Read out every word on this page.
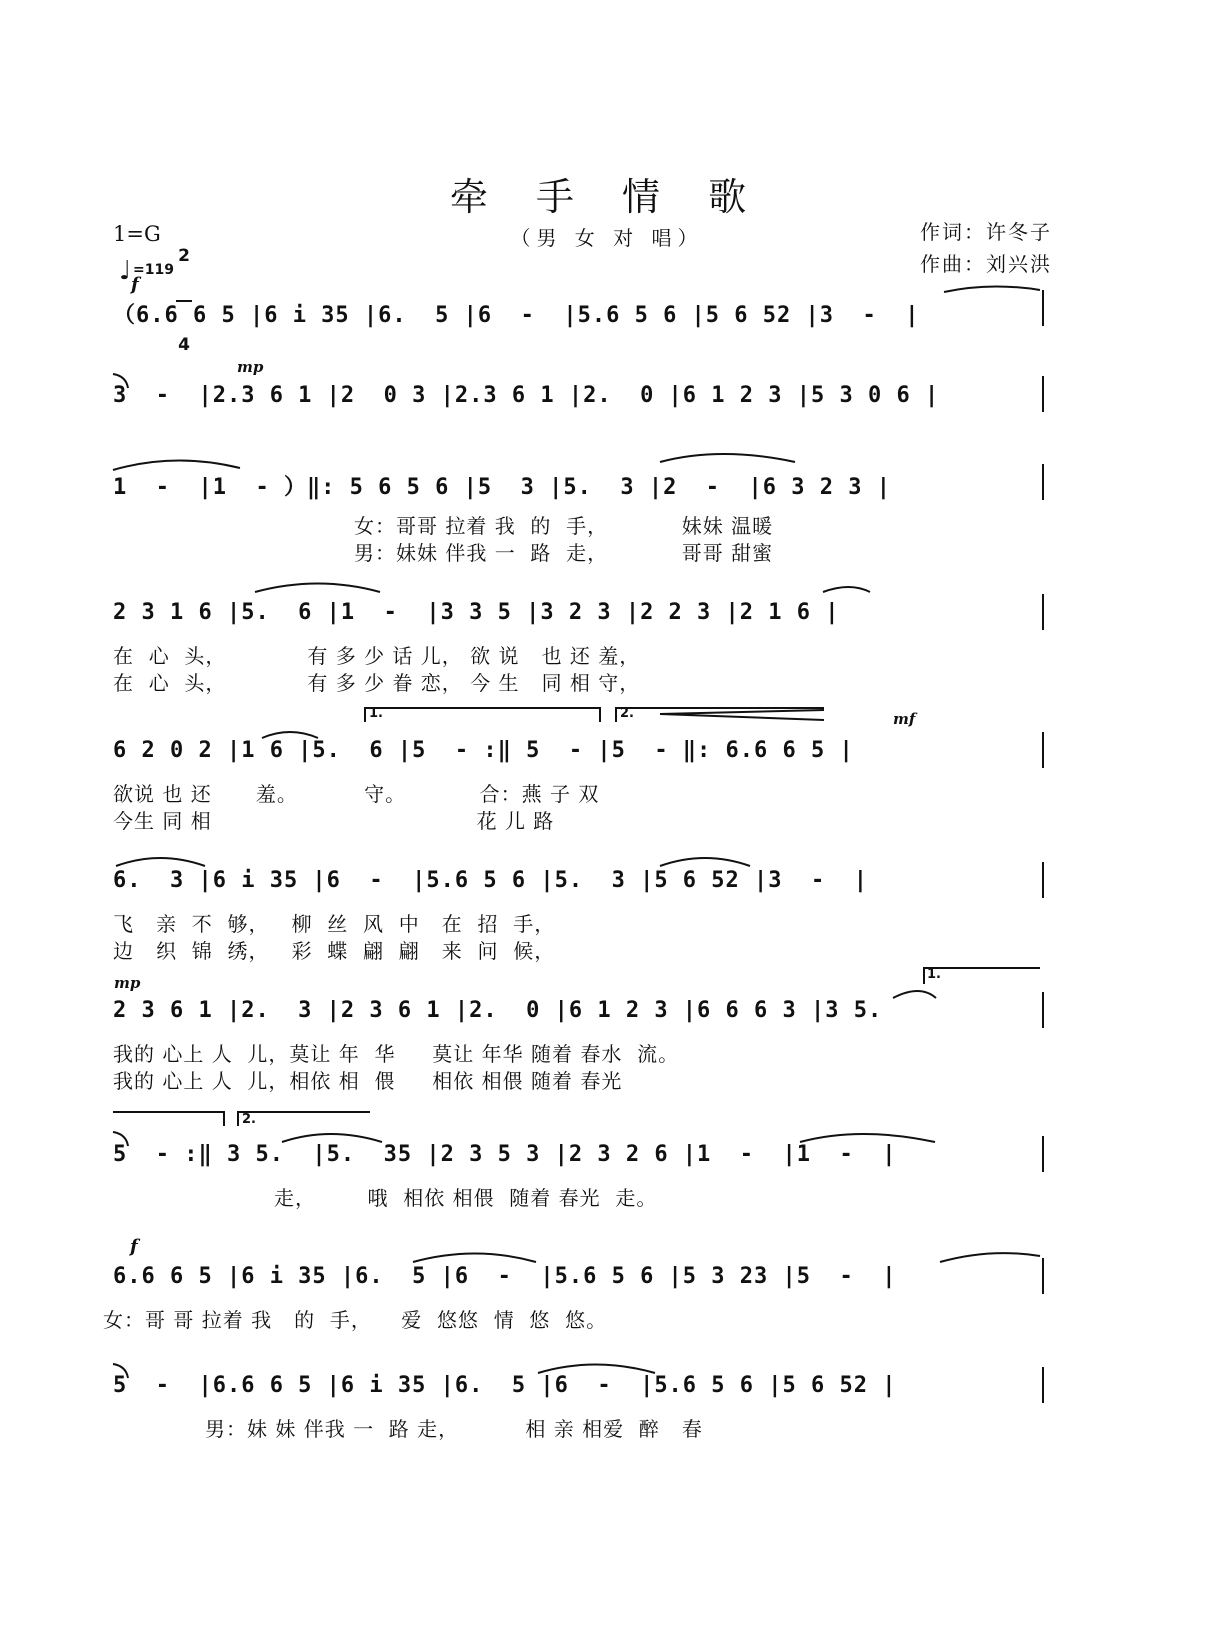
牵 手 情 歌
（男 女 对 唱）	作词：许冬子
作曲：刘兴洪
1=G

2

4

♩ =119
f
mp
mf
mp
f
（6.6 6 5 |6 i 35 |6.  5 |6  -  |5.6 5 6 |5 6 52 |3  -  |
3  -  |2.3 6 1 |2  0 3 |2.3 6 1 |2.  0 |6 1 2 3 |5 3 0 6 |
1  -  |1  - ）‖: 5 6 5 6 |5  3 |5.  3 |2  -  |6 3 2 3 |
女：哥哥 拉着 我  的  手，          妹妹 温暖
男：妹妹 伴我 一  路  走，          哥哥 甜蜜
2 3 1 6 |5.  6 |1  -  |3 3 5 |3 2 3 |2 2 3 |2 1 6 |
在  心  头，           有 多 少 话 儿， 欲 说   也 还 羞，
在  心  头，           有 多 少 眷 恋， 今 生   同 相 守，
1.	2.
6 2 0 2 |1 6 |5.  6 |5  - :‖ 5  - |5  - ‖: 6.6 6 5 |
欲说 也 还      羞。         守。          合：燕 子 双
今生 同 相                                    花 儿 路
6.  3 |6 i 35 |6  -  |5.6 5 6 |5.  3 |5 6 52 |3  -  |
飞   亲  不  够，   柳  丝  风  中   在  招  手，
边   织  锦  绣，   彩  蝶  翩  翩   来  问  候，
1.
2 3 6 1 |2.  3 |2 3 6 1 |2.  0 |6 1 2 3 |6 6 6 3 |3 5.
我的 心上 人  儿，莫让 年  华     莫让 年华 随着 春水  流。
我的 心上 人  儿，相依 相  偎     相依 相偎 随着 春光
2.
5  - :‖ 3 5.  |5.  35 |2 3 5 3 |2 3 2 6 |1  -  |1  -  |
走，       哦  相依 相偎  随着 春光  走。
6.6 6 5 |6 i 35 |6.  5 |6  -  |5.6 5 6 |5 3 23 |5  -  |
女：哥 哥 拉着 我   的  手，    爱  悠悠  情  悠  悠。
5  -  |6.6 6 5 |6 i 35 |6.  5 |6  -  |5.6 5 6 |5 6 52 |
男：妹 妹 伴我 一  路 走，         相 亲 相爱  醉   春
